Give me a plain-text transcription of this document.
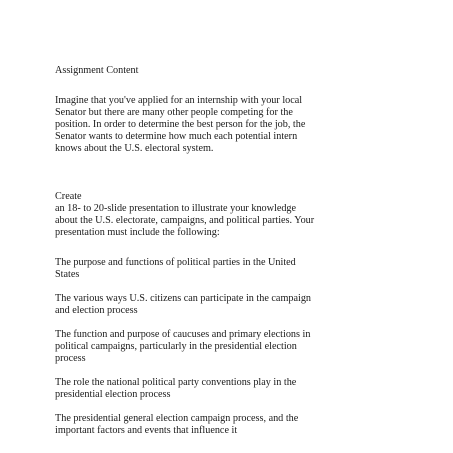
Assignment Content

Imagine that you've applied for an internship with your local
Senator but there are many other people competing for the
position. In order to determine the best person for the job, the
Senator wants to determine how much each potential intern
knows about the U.S. electoral system.

Create

an 18- to 20-slide presentation to illustrate your knowledge
about the U.S. electorate, campaigns, and political parties. Your
presentation must include the following:

The purpose and functions of political parties in the United
States

The various ways U.S. citizens can participate in the campaign
and election process

The function and purpose of caucuses and primary elections in
political campaigns, particularly in the presidential election
process

The role the national political party conventions play in the
presidential election process

The presidential general election campaign process, and the
important factors and events that influence it
